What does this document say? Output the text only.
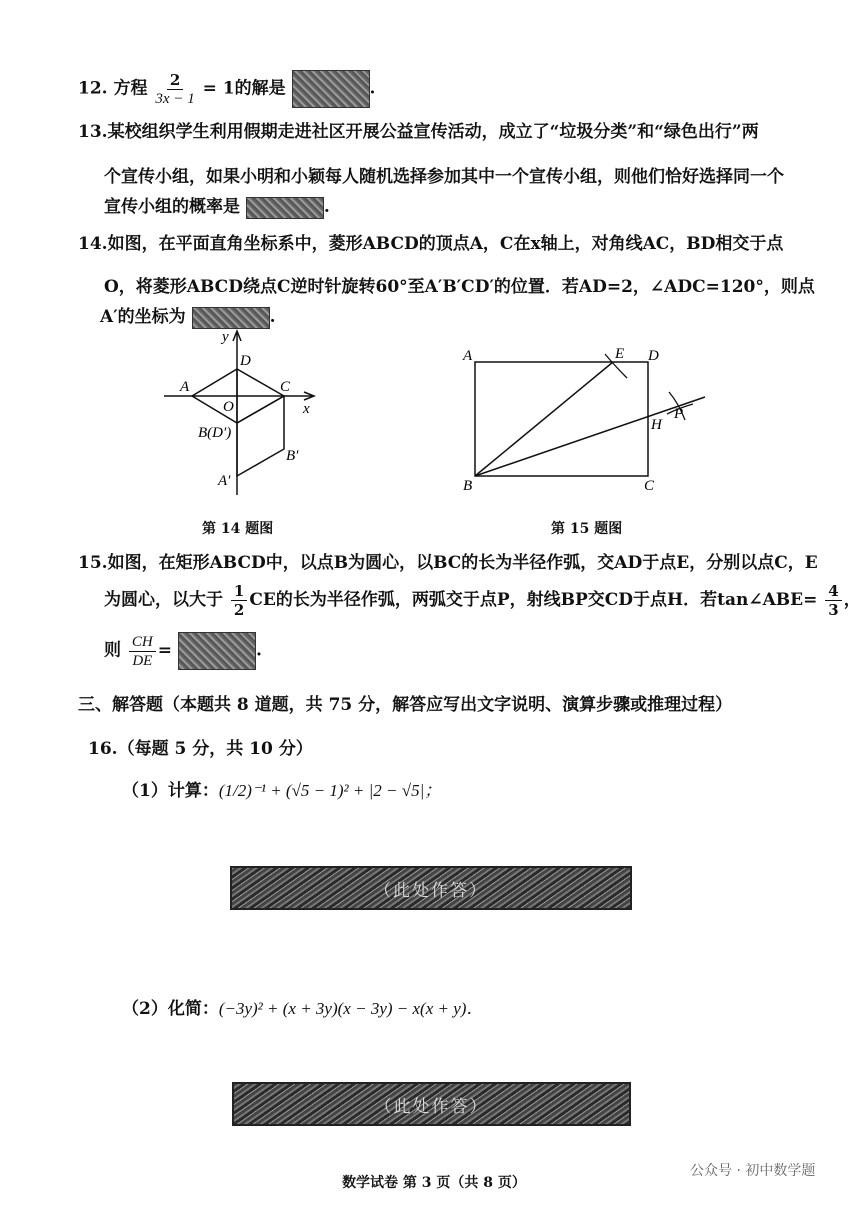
12. 方程 $\frac{2}{3x - 1} = 1$的解是	.
13.某校组织学生利用假期走进社区开展公益宣传活动，成立了“垃圾分类”和“绿色出行”两
个宣传小组，如果小明和小颖每人随机选择参加其中一个宣传小组，则他们恰好选择同一个
宣传小组的概率是	.
14.如图，在平面直角坐标系中，菱形ABCD的顶点A，C在x轴上，对角线AC，BD相交于点
O，将菱形ABCD绕点C逆时针旋转60°至A′B′CD′的位置．若AD=2，∠ADC=120°，则点
A′的坐标为	.
y
x
D
A	C
O
B(D′)
B′
A′
第 14 题图
A	E D
P
H
B	C
第 15 题图
15.如图，在矩形ABCD中，以点B为圆心，以BC的长为半径作弧，交AD于点E，分别以点C，E
为圆心，以大于 $\frac{1}{2}$ CE的长为半径作弧，两弧交于点P，射线BP交CD于点H．若tan∠ABE= $\frac{4}{3}$ ，
则 $\frac{CH}{DE}$ =	.
三、解答题（本题共 8 道题，共 75 分，解答应写出文字说明、演算步骤或推理过程）
16.（每题 5 分，共 10 分）
（1）计算：(1/2)⁻¹ + (√5 − 1)² + |2 − √5|；
（此处作答）
（2）化简：(−3y)² + (x + 3y)(x − 3y) − x(x + y)．
（此处作答）
公众号 · 初中数学题
数学试卷 第 3 页（共 8 页）
